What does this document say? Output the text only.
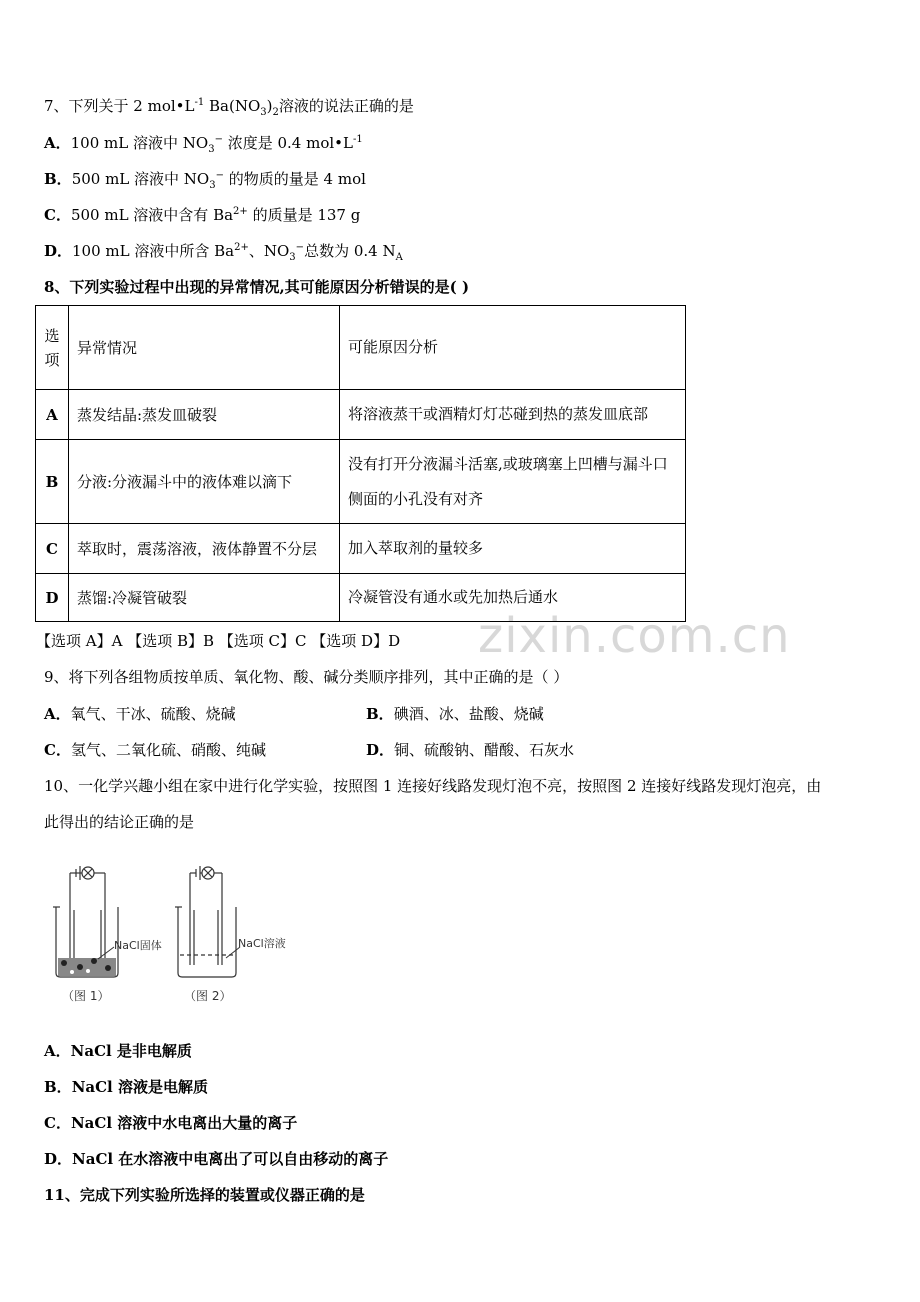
7、下列关于 2 $mol•L^{-1}$ $Ba(NO_3)_2$溶液的说法正确的是
A．100 mL 溶液中 $NO_3^-$ 浓度是 0.4 $mol•L^{-1}$
B．500 mL 溶液中 $NO_3^-$ 的物质的量是 4 mol
C．500 mL 溶液中含有 $Ba^{2+}$ 的质量是 137 g
D．100 mL 溶液中所含 $Ba^{2+}$、$NO_3^-$总数为 0.4 $N_A$
8、下列实验过程中出现的异常情况,其可能原因分析错误的是( )
选项	异常情况	可能原因分析
A	蒸发结晶:蒸发皿破裂	将溶液蒸干或酒精灯灯芯碰到热的蒸发皿底部
B	分液:分液漏斗中的液体难以滴下	没有打开分液漏斗活塞,或玻璃塞上凹槽与漏斗口侧面的小孔没有对齐
C	萃取时，震荡溶液，液体静置不分层	加入萃取剂的量较多
D	蒸馏:冷凝管破裂	冷凝管没有通水或先加热后通水
zixin.com.cn
【选项 A】A 【选项 B】B 【选项 C】C 【选项 D】D
9、将下列各组物质按单质、氧化物、酸、碱分类顺序排列，其中正确的是（ ）
A．氧气、干冰、硫酸、烧碱	B．碘酒、冰、盐酸、烧碱
C．氢气、二氧化硫、硝酸、纯碱	D．铜、硫酸钠、醋酸、石灰水
10、一化学兴趣小组在家中进行化学实验，按照图 1 连接好线路发现灯泡不亮，按照图 2 连接好线路发现灯泡亮，由
此得出的结论正确的是
NaCl固体
（图 1）
NaCl溶液
（图 2）
A．NaCl 是非电解质
B．NaCl 溶液是电解质
C．NaCl 溶液中水电离出大量的离子
D．NaCl 在水溶液中电离出了可以自由移动的离子
11、完成下列实验所选择的装置或仪器正确的是
